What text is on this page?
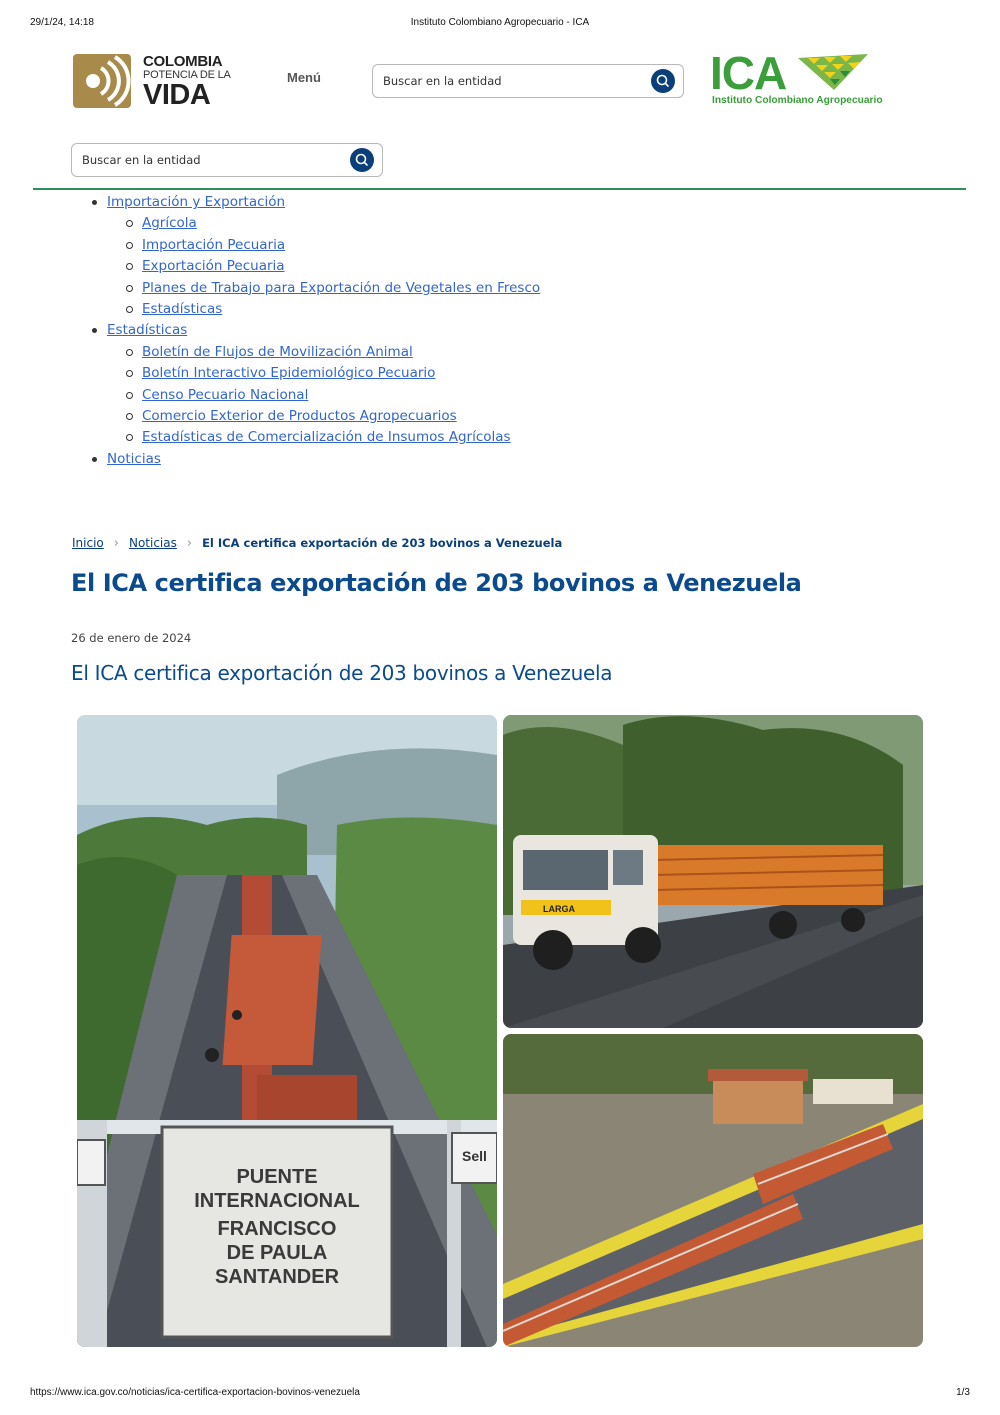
29/1/24, 14:18	Instituto Colombiano Agropecuario - ICA
COLOMBIA
POTENCIA DE LA
VIDA
Menú
Buscar en la entidad	ICA
Instituto Colombiano Agropecuario
Buscar en la entidad
Importación y Exportación
Agrícola
Importación Pecuaria
Exportación Pecuaria
Planes de Trabajo para Exportación de Vegetales en Fresco
Estadísticas
Estadísticas
Boletín de Flujos de Movilización Animal
Boletín Interactivo Epidemiológico Pecuario
Censo Pecuario Nacional
Comercio Exterior de Productos Agropecuarios
Estadísticas de Comercialización de Insumos Agrícolas
Noticias
Inicio › Noticias › El ICA certifica exportación de 203 bovinos a Venezuela
El ICA certifica exportación de 203 bovinos a Venezuela
26 de enero de 2024
El ICA certifica exportación de 203 bovinos a Venezuela
PUENTE
INTERNACIONAL
FRANCISCO
DE PAULA
SANTANDER
Sell
LARGA
https://www.ica.gov.co/noticias/ica-certifica-exportacion-bovinos-venezuela	1/3
